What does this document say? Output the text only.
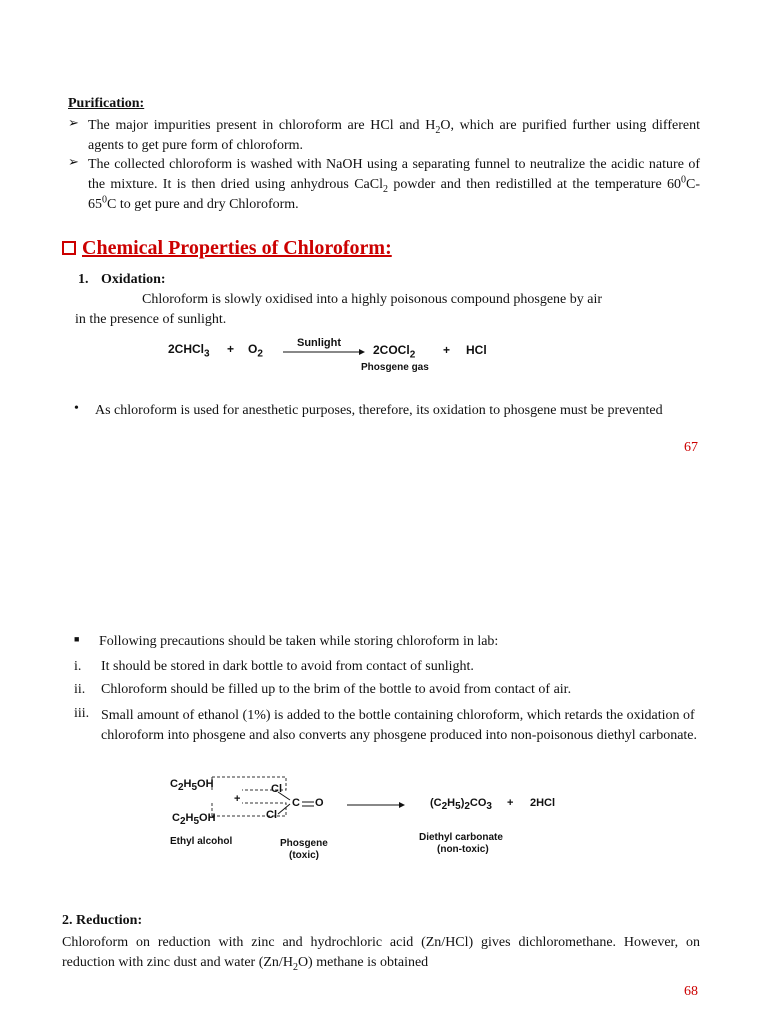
Purification:
➢ The major impurities present in chloroform are HCl and $H_2O$, which are purified further using different agents to get pure form of chloroform.
➢ The collected chloroform is washed with NaOH using a separating funnel to neutralize the acidic nature of the mixture. It is then dried using anhydrous CaCl$_2$ powder and then redistilled at the temperature $60^0C-$ $65^0C$ to get pure and dry Chloroform.
Chemical Properties of Chloroform:
1. Oxidation:
Chloroform is slowly oxidised into a highly poisonous compound phosgene by air
in the presence of sunlight.
2CHCl$_3$ + $O_2$
Sunlight	2COCl$_2$ + HCl
Phosgene gas
• As chloroform is used for anesthetic purposes, therefore, its oxidation to phosgene must be prevented
67
■ Following precautions should be taken while storing chloroform in lab:
i. It should be stored in dark bottle to avoid from contact of sunlight.
ii. Chloroform should be filled up to the brim of the bottle to avoid from contact of air.
iii. Small amount of ethanol (1%) is added to the bottle containing chloroform, which retards the oxidation of chloroform into phosgene and also converts any phosgene produced into non-poisonous diethyl carbonate.
$C_2H_5OH$	Cl
+	C O
Cl
$C_2H_5OH$
$(C_2H_5)_2CO_3 + 2HCl$
Ethyl alcohol	Phosgene
(toxic)
Diethyl carbonate
(non-toxic)
2. Reduction:
Chloroform on reduction with zinc and hydrochloric acid (Zn/HCl) gives dichloromethane. However, on reduction with zinc dust and water $(Zn/H_2O)$ methane is obtained
68
